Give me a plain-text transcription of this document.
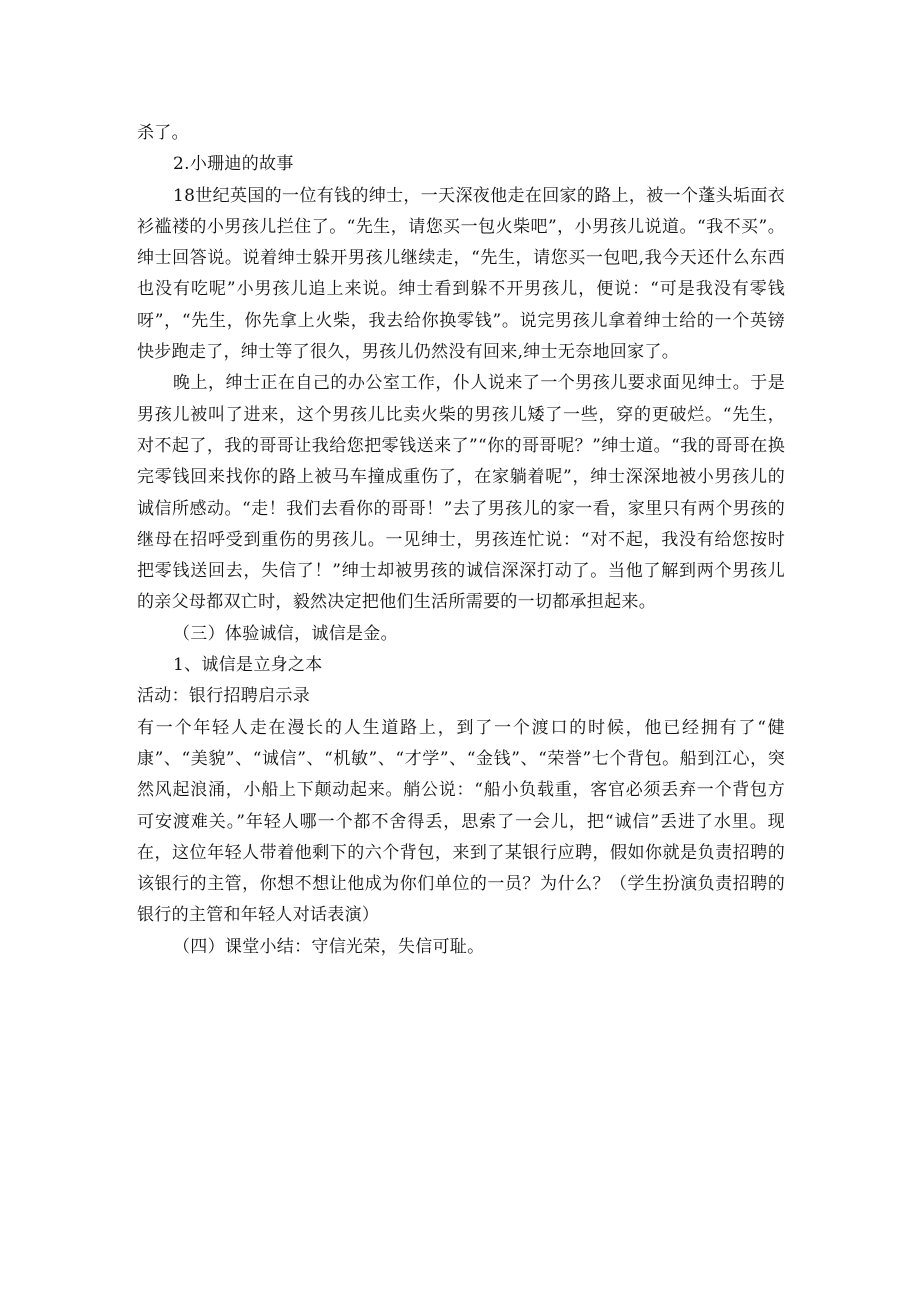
杀了。

2.小珊迪的故事

18世纪英国的一位有钱的绅士，一天深夜他走在回家的路上，被一个蓬头垢面衣衫褴褛的小男孩儿拦住了。“先生，请您买一包火柴吧”，小男孩儿说道。“我不买”。绅士回答说。说着绅士躲开男孩儿继续走，“先生，请您买一包吧,我今天还什么东西也没有吃呢”小男孩儿追上来说。绅士看到躲不开男孩儿，便说：“可是我没有零钱呀”，“先生，你先拿上火柴，我去给你换零钱”。说完男孩儿拿着绅士给的一个英镑快步跑走了，绅士等了很久，男孩儿仍然没有回来,绅士无奈地回家了。

晚上，绅士正在自己的办公室工作，仆人说来了一个男孩儿要求面见绅士。于是男孩儿被叫了进来，这个男孩儿比卖火柴的男孩儿矮了一些，穿的更破烂。“先生，对不起了，我的哥哥让我给您把零钱送来了”“你的哥哥呢？”绅士道。“我的哥哥在换完零钱回来找你的路上被马车撞成重伤了，在家躺着呢”，绅士深深地被小男孩儿的诚信所感动。“走！我们去看你的哥哥！”去了男孩儿的家一看，家里只有两个男孩的继母在招呼受到重伤的男孩儿。一见绅士，男孩连忙说：“对不起，我没有给您按时把零钱送回去，失信了！”绅士却被男孩的诚信深深打动了。当他了解到两个男孩儿的亲父母都双亡时，毅然决定把他们生活所需要的一切都承担起来。

（三）体验诚信，诚信是金。

1、诚信是立身之本

活动：银行招聘启示录

有一个年轻人走在漫长的人生道路上，到了一个渡口的时候，他已经拥有了“健康”、“美貌”、“诚信”、“机敏”、“才学”、“金钱”、“荣誉”七个背包。船到江心，突然风起浪涌，小船上下颠动起来。艄公说：“船小负载重，客官必须丢弃一个背包方可安渡难关。”年轻人哪一个都不舍得丢，思索了一会儿，把“诚信”丢进了水里。现在，这位年轻人带着他剩下的六个背包，来到了某银行应聘，假如你就是负责招聘的该银行的主管，你想不想让他成为你们单位的一员？为什么？（学生扮演负责招聘的银行的主管和年轻人对话表演）

（四）课堂小结：守信光荣，失信可耻。
